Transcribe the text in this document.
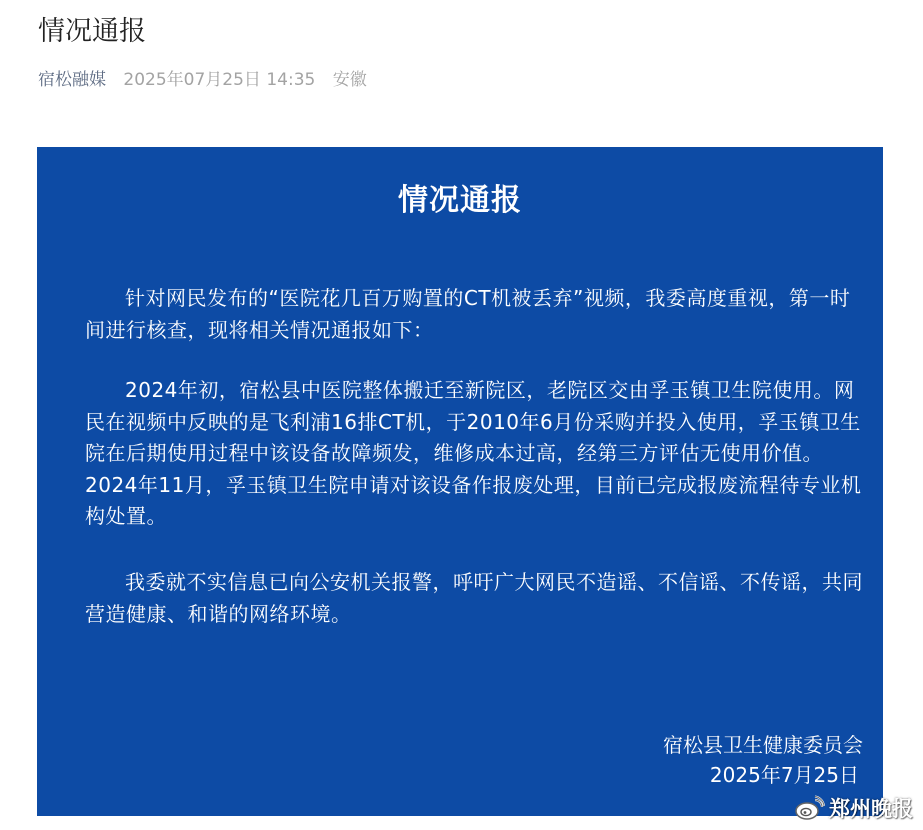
情况通报
宿松融媒 2025年07月25日 14:35 安徽
情况通报

针对网民发布的“医院花几百万购置的CT机被丢弃”视频，我委高度重视，第一时间进行核查，现将相关情况通报如下：

2024年初，宿松县中医院整体搬迁至新院区，老院区交由孚玉镇卫生院使用。网民在视频中反映的是飞利浦16排CT机，于2010年6月份采购并投入使用，孚玉镇卫生院在后期使用过程中该设备故障频发，维修成本过高，经第三方评估无使用价值。2024年11月，孚玉镇卫生院申请对该设备作报废处理，目前已完成报废流程待专业机构处置。

我委就不实信息已向公安机关报警，呼吁广大网民不造谣、不信谣、不传谣，共同营造健康、和谐的网络环境。

宿松县卫生健康委员会
2025年7月25日
郑州晚报
